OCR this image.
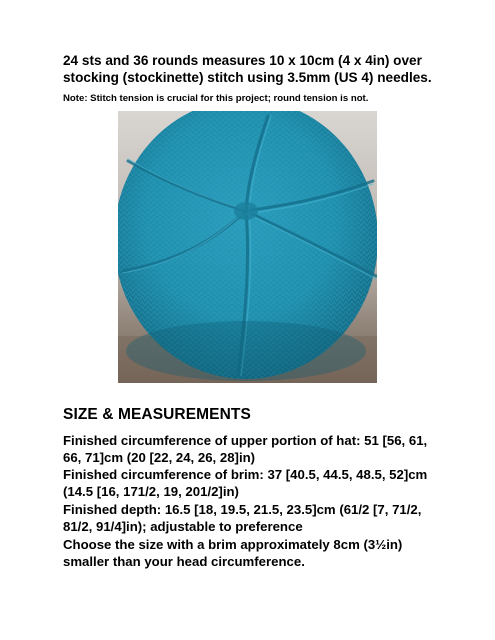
24 sts and 36 rounds measures 10 x 10cm (4 x 4in) over stocking (stockinette) stitch using 3.5mm (US 4) needles.

Note: Stitch tension is crucial for this project; round tension is not.

SIZE & MEASUREMENTS

Finished circumference of upper portion of hat: 51 [56, 61, 66, 71]cm (20 [22, 24, 26, 28]in)

Finished circumference of brim: 37 [40.5, 44.5, 48.5, 52]cm (14.5 [16, 171/2, 19, 201/2]in)

Finished depth: 16.5 [18, 19.5, 21.5, 23.5]cm (61/2 [7, 71/2, 81/2, 91/4]in); adjustable to preference

Choose the size with a brim approximately 8cm (3½in) smaller than your head circumference.
